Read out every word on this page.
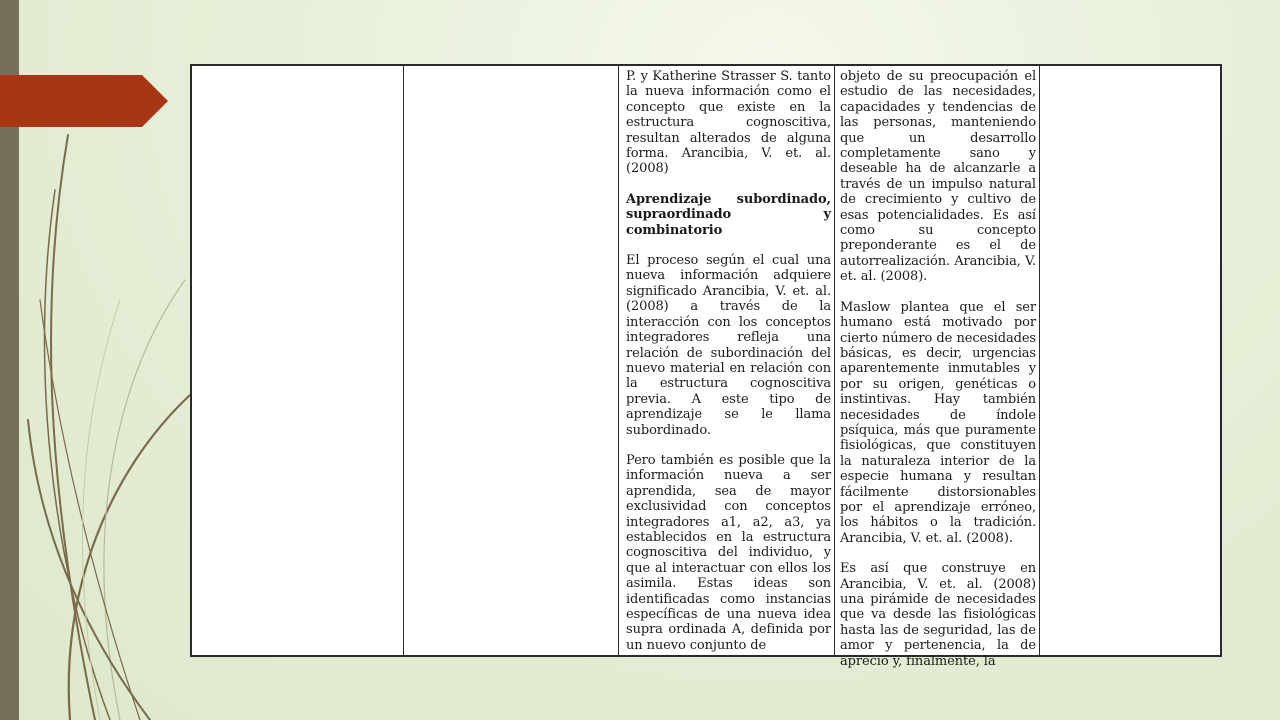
P. y Katherine Strasser S. tanto la nueva información como el concepto que existe en la estructura cognoscitiva, resultan alterados de alguna forma. Arancibia, V. et. al. (2008)

Aprendizaje subordinado, supraordinado y combinatorio

El proceso según el cual una nueva información adquiere significado Arancibia, V. et. al. (2008) a través de la interacción con los conceptos integradores refleja una relación de subordinación del nuevo material en relación con la estructura cognoscitiva previa. A este tipo de aprendizaje se le llama subordinado.

Pero también es posible que la información nueva a ser aprendida, sea de mayor exclusividad con conceptos integradores a1, a2, a3, ya establecidos en la estructura cognoscitiva del individuo, y que al interactuar con ellos los asimila. Estas ideas son identificadas como instancias específicas de una nueva idea supra ordinada A, definida por un nuevo conjunto de

objeto de su preocupación el estudio de las necesidades, capacidades y tendencias de las personas, manteniendo que un desarrollo completamente sano y deseable ha de alcanzarle a través de un impulso natural de crecimiento y cultivo de esas potencialidades. Es así como su concepto preponderante es el de autorrealización. Arancibia, V. et. al. (2008).

Maslow plantea que el ser humano está motivado por cierto número de necesidades básicas, es decir, urgencias aparentemente inmutables y por su origen, genéticas o instintivas. Hay también necesidades de índole psíquica, más que puramente fisiológicas, que constituyen la naturaleza interior de la especie humana y resultan fácilmente distorsionables por el aprendizaje erróneo, los hábitos o la tradición. Arancibia, V. et. al. (2008).

Es así que construye en Arancibia, V. et. al. (2008) una pirámide de necesidades que va desde las fisiológicas hasta las de seguridad, las de amor y pertenencia, la de aprecio y, finalmente, la
